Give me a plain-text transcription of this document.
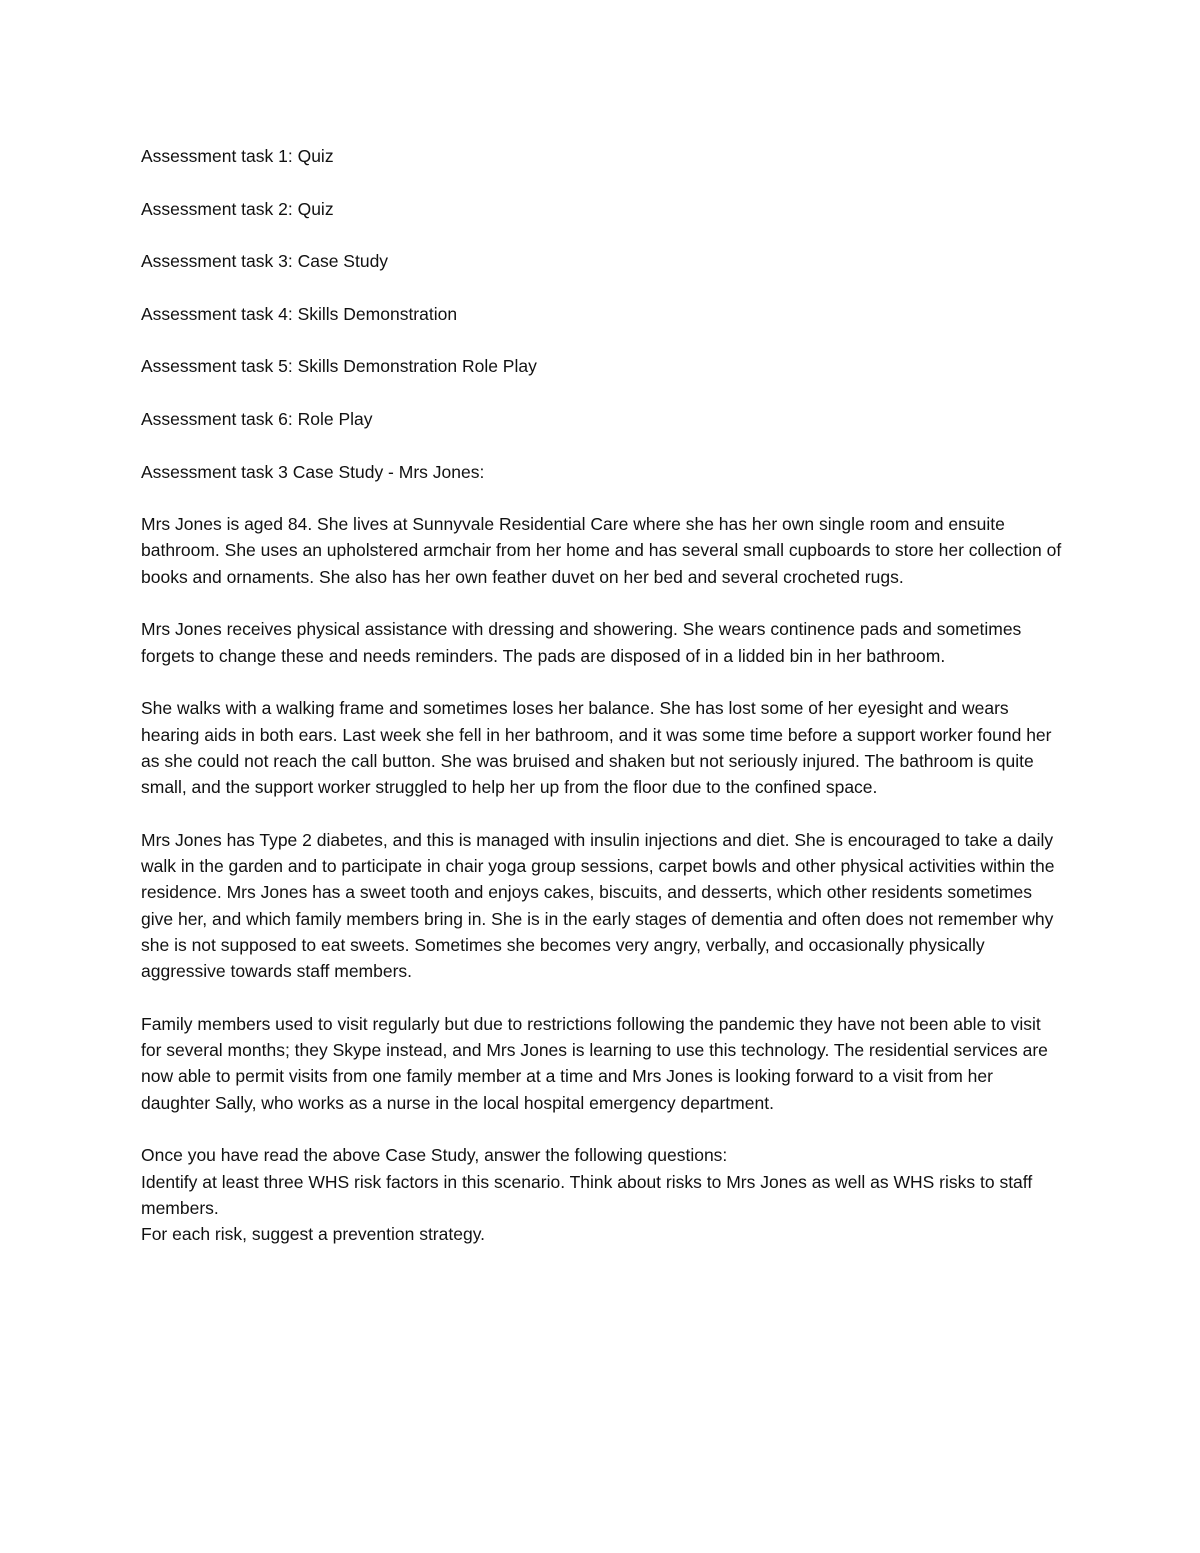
Assessment task 1: Quiz
Assessment task 2: Quiz
Assessment task 3: Case Study
Assessment task 4: Skills Demonstration
Assessment task 5: Skills Demonstration Role Play
Assessment task 6: Role Play
Assessment task 3 Case Study - Mrs Jones:

Mrs Jones is aged 84. She lives at Sunnyvale Residential Care where she has her own single room and ensuite bathroom. She uses an upholstered armchair from her home and has several small cupboards to store her collection of books and ornaments. She also has her own feather duvet on her bed and several crocheted rugs.

Mrs Jones receives physical assistance with dressing and showering. She wears continence pads and sometimes forgets to change these and needs reminders. The pads are disposed of in a lidded bin in her bathroom.

She walks with a walking frame and sometimes loses her balance. She has lost some of her eyesight and wears hearing aids in both ears. Last week she fell in her bathroom, and it was some time before a support worker found her as she could not reach the call button. She was bruised and shaken but not seriously injured. The bathroom is quite small, and the support worker struggled to help her up from the floor due to the confined space.

Mrs Jones has Type 2 diabetes, and this is managed with insulin injections and diet. She is encouraged to take a daily walk in the garden and to participate in chair yoga group sessions, carpet bowls and other physical activities within the residence. Mrs Jones has a sweet tooth and enjoys cakes, biscuits, and desserts, which other residents sometimes give her, and which family members bring in. She is in the early stages of dementia and often does not remember why she is not supposed to eat sweets. Sometimes she becomes very angry, verbally, and occasionally physically aggressive towards staff members.

Family members used to visit regularly but due to restrictions following the pandemic they have not been able to visit for several months; they Skype instead, and Mrs Jones is learning to use this technology. The residential services are now able to permit visits from one family member at a time and Mrs Jones is looking forward to a visit from her daughter Sally, who works as a nurse in the local hospital emergency department.

Once you have read the above Case Study, answer the following questions:
Identify at least three WHS risk factors in this scenario. Think about risks to Mrs Jones as well as WHS risks to staff members.
For each risk, suggest a prevention strategy.
